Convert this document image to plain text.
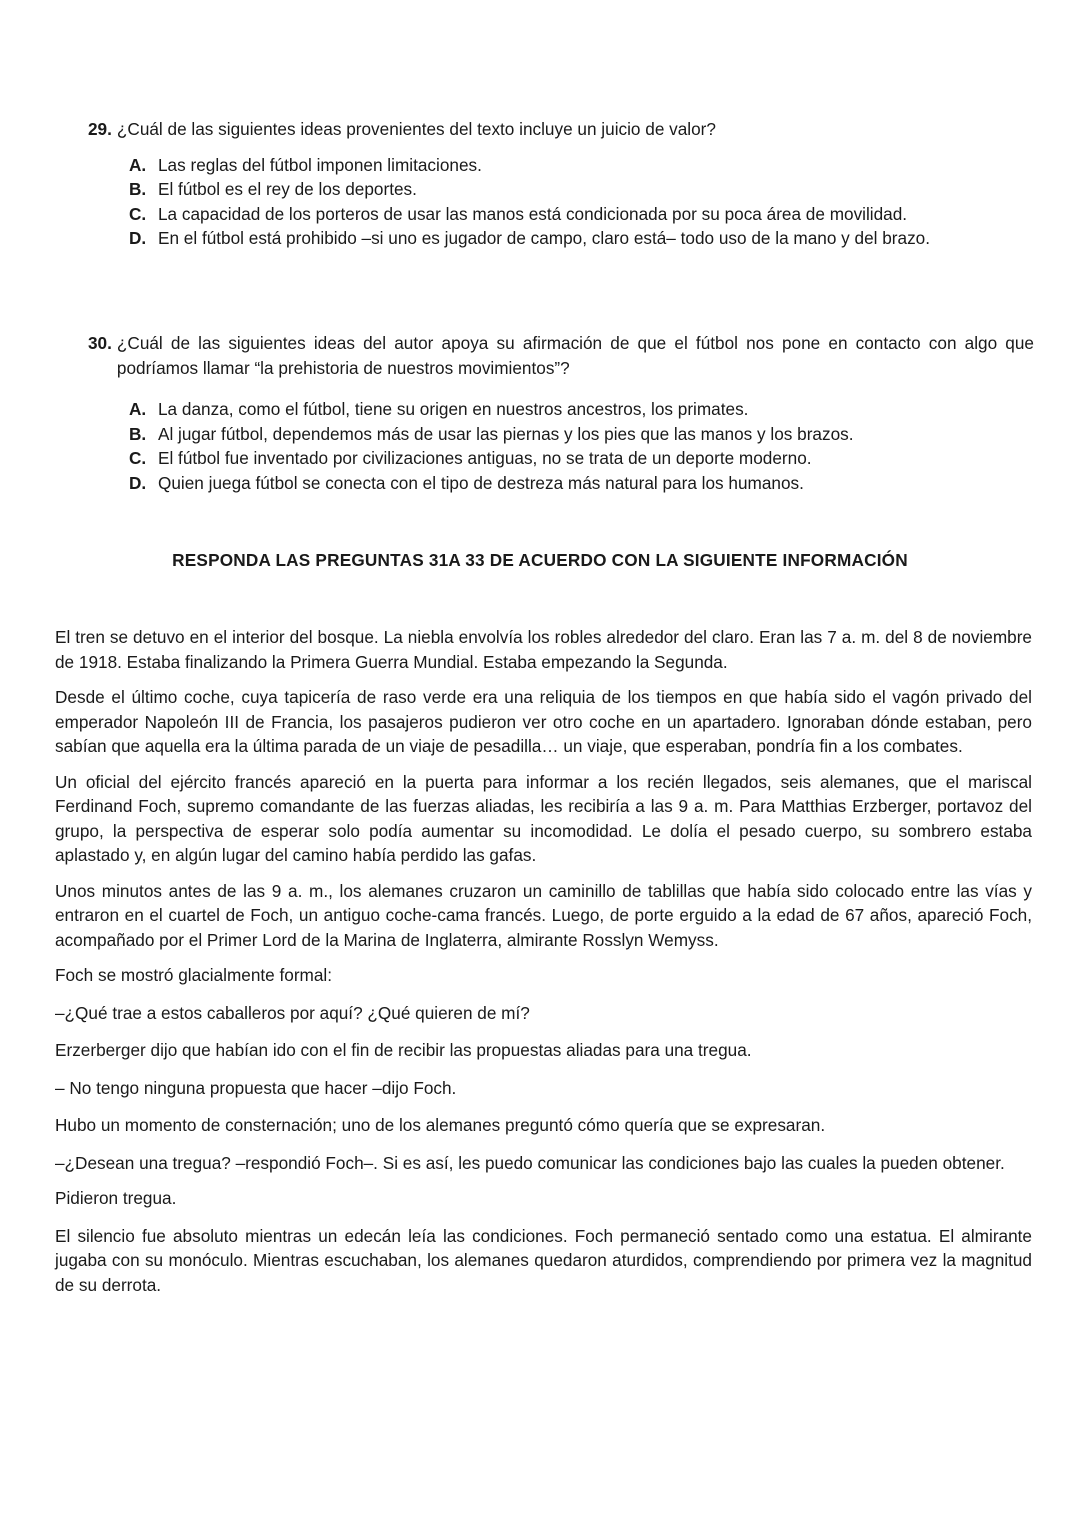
29. ¿Cuál de las siguientes ideas provenientes del texto incluye un juicio de valor?
A. Las reglas del fútbol imponen limitaciones.
B. El fútbol es el rey de los deportes.
C. La capacidad de los porteros de usar las manos está condicionada por su poca área de movilidad.
D. En el fútbol está prohibido –si uno es jugador de campo, claro está– todo uso de la mano y del brazo.
30. ¿Cuál de las siguientes ideas del autor apoya su afirmación de que el fútbol nos pone en contacto con algo que podríamos llamar “la prehistoria de nuestros movimientos”?
A. La danza, como el fútbol, tiene su origen en nuestros ancestros, los primates.
B. Al jugar fútbol, dependemos más de usar las piernas y los pies que las manos y los brazos.
C. El fútbol fue inventado por civilizaciones antiguas, no se trata de un deporte moderno.
D. Quien juega fútbol se conecta con el tipo de destreza más natural para los humanos.
RESPONDA LAS PREGUNTAS 31A 33 DE ACUERDO CON LA SIGUIENTE INFORMACIÓN

El tren se detuvo en el interior del bosque. La niebla envolvía los robles alrededor del claro. Eran las 7 a. m. del 8 de noviembre de 1918. Estaba finalizando la Primera Guerra Mundial. Estaba empezando la Segunda.

Desde el último coche, cuya tapicería de raso verde era una reliquia de los tiempos en que había sido el vagón privado del emperador Napoleón III de Francia, los pasajeros pudieron ver otro coche en un apartadero. Ignoraban dónde estaban, pero sabían que aquella era la última parada de un viaje de pesadilla… un viaje, que esperaban, pondría fin a los combates.

Un oficial del ejército francés apareció en la puerta para informar a los recién llegados, seis alemanes, que el mariscal Ferdinand Foch, supremo comandante de las fuerzas aliadas, les recibiría a las 9 a. m. Para Matthias Erzberger, portavoz del grupo, la perspectiva de esperar solo podía aumentar su incomodidad. Le dolía el pesado cuerpo, su sombrero estaba aplastado y, en algún lugar del camino había perdido las gafas.

Unos minutos antes de las 9 a. m., los alemanes cruzaron un caminillo de tablillas que había sido colocado entre las vías y entraron en el cuartel de Foch, un antiguo coche-cama francés. Luego, de porte erguido a la edad de 67 años, apareció Foch, acompañado por el Primer Lord de la Marina de Inglaterra, almirante Rosslyn Wemyss.

Foch se mostró glacialmente formal:

–¿Qué trae a estos caballeros por aquí? ¿Qué quieren de mí?

Erzerberger dijo que habían ido con el fin de recibir las propuestas aliadas para una tregua.

– No tengo ninguna propuesta que hacer –dijo Foch.

Hubo un momento de consternación; uno de los alemanes preguntó cómo quería que se expresaran.

–¿Desean una tregua? –respondió Foch–. Si es así, les puedo comunicar las condiciones bajo las cuales la pueden obtener.

Pidieron tregua.

El silencio fue absoluto mientras un edecán leía las condiciones. Foch permaneció sentado como una estatua. El almirante jugaba con su monóculo. Mientras escuchaban, los alemanes quedaron aturdidos, comprendiendo por primera vez la magnitud de su derrota.
